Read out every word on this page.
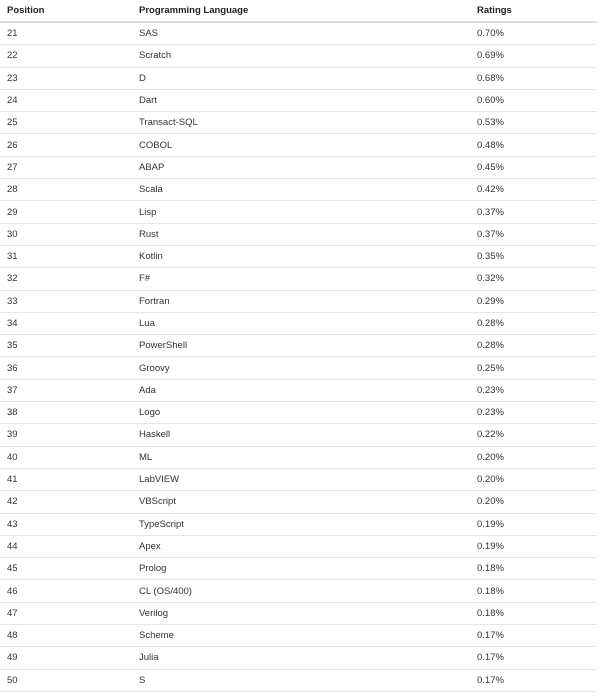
Position	Programming Language	Ratings
21	SAS	0.70%
22	Scratch	0.69%
23	D	0.68%
24	Dart	0.60%
25	Transact-SQL	0.53%
26	COBOL	0.48%
27	ABAP	0.45%
28	Scala	0.42%
29	Lisp	0.37%
30	Rust	0.37%
31	Kotlin	0.35%
32	F#	0.32%
33	Fortran	0.29%
34	Lua	0.28%
35	PowerShell	0.28%
36	Groovy	0.25%
37	Ada	0.23%
38	Logo	0.23%
39	Haskell	0.22%
40	ML	0.20%
41	LabVIEW	0.20%
42	VBScript	0.20%
43	TypeScript	0.19%
44	Apex	0.19%
45	Prolog	0.18%
46	CL (OS/400)	0.18%
47	Verilog	0.18%
48	Scheme	0.17%
49	Julia	0.17%
50	S	0.17%
